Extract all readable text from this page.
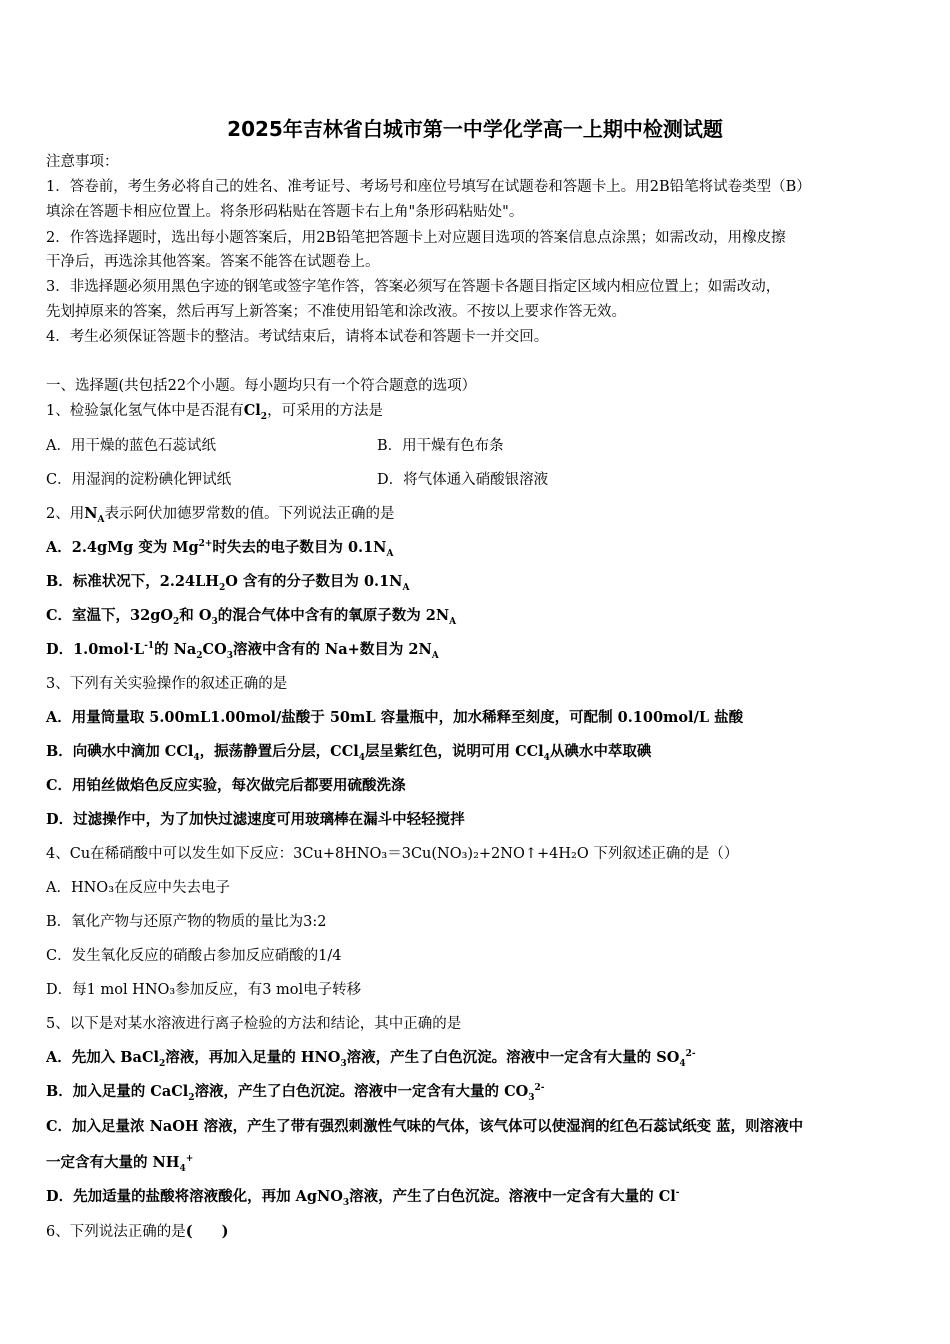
2025年吉林省白城市第一中学化学高一上期中检测试题
注意事项：
1．答卷前，考生务必将自己的姓名、准考证号、考场号和座位号填写在试题卷和答题卡上。用2B铅笔将试卷类型（B）
填涂在答题卡相应位置上。将条形码粘贴在答题卡右上角"条形码粘贴处"。
2．作答选择题时，选出每小题答案后，用2B铅笔把答题卡上对应题目选项的答案信息点涂黑；如需改动，用橡皮擦
干净后，再选涂其他答案。答案不能答在试题卷上。
3．非选择题必须用黑色字迹的钢笔或签字笔作答，答案必须写在答题卡各题目指定区域内相应位置上；如需改动，
先划掉原来的答案，然后再写上新答案；不准使用铅笔和涂改液。不按以上要求作答无效。
4．考生必须保证答题卡的整洁。考试结束后，请将本试卷和答题卡一并交回。
一、选择题(共包括22个小题。每小题均只有一个符合题意的选项）
1、检验氯化氢气体中是否混有$Cl_2$，可采用的方法是
A．用干燥的蓝色石蕊试纸	B．用干燥有色布条
C．用湿润的淀粉碘化钾试纸	D．将气体通入硝酸银溶液
2、用$N_A$表示阿伏加德罗常数的值。下列说法正确的是
A．2.4gMg 变为 $Mg^{2+}$时失去的电子数目为 $0.1N_A$
B．标准状况下，$2.24LH_2O$ 含有的分子数目为 $0.1N_A$
C．室温下，$32gO_2$和 $O_3$的混合气体中含有的氧原子数为 $2N_A$
D．$1.0mol\cdot L^{-1}$的 $Na_2CO_3$溶液中含有的 Na+数目为 $2N_A$
3、下列有关实验操作的叙述正确的是
A．用量筒量取 5.00mL1.00mol/盐酸于 50mL 容量瓶中，加水稀释至刻度，可配制 0.100mol/L 盐酸
B．向碘水中滴加 CCl$_4$，振荡静置后分层，CCl$_4$层呈紫红色，说明可用 CCl$_4$从碘水中萃取碘
C．用铂丝做焰色反应实验，每次做完后都要用硫酸洗涤
D．过滤操作中，为了加快过滤速度可用玻璃棒在漏斗中轻轻搅拌
4、Cu在稀硝酸中可以发生如下反应：3Cu+8HNO₃＝3Cu(NO₃)₂+2NO↑+4H₂O 下列叙述正确的是（）
A．HNO₃在反应中失去电子
B．氧化产物与还原产物的物质的量比为3:2
C．发生氧化反应的硝酸占参加反应硝酸的1/4
D．每1 mol HNO₃参加反应，有3 mol电子转移
5、以下是对某水溶液进行离子检验的方法和结论，其中正确的是
A．先加入 BaCl$_2$溶液，再加入足量的 $HNO_3$溶液，产生了白色沉淀。溶液中一定含有大量的 $SO_4^{2-}$
B．加入足量的 CaCl$_2$溶液，产生了白色沉淀。溶液中一定含有大量的 $CO_3^{2-}$
C．加入足量浓 NaOH 溶液，产生了带有强烈刺激性气味的气体，该气体可以使湿润的红色石蕊试纸变 蓝，则溶液中
一定含有大量的 $NH_4^+$
D．先加适量的盐酸将溶液酸化，再加 AgNO$_3$溶液，产生了白色沉淀。溶液中一定含有大量的 Cl-
6、下列说法正确的是(　　)
